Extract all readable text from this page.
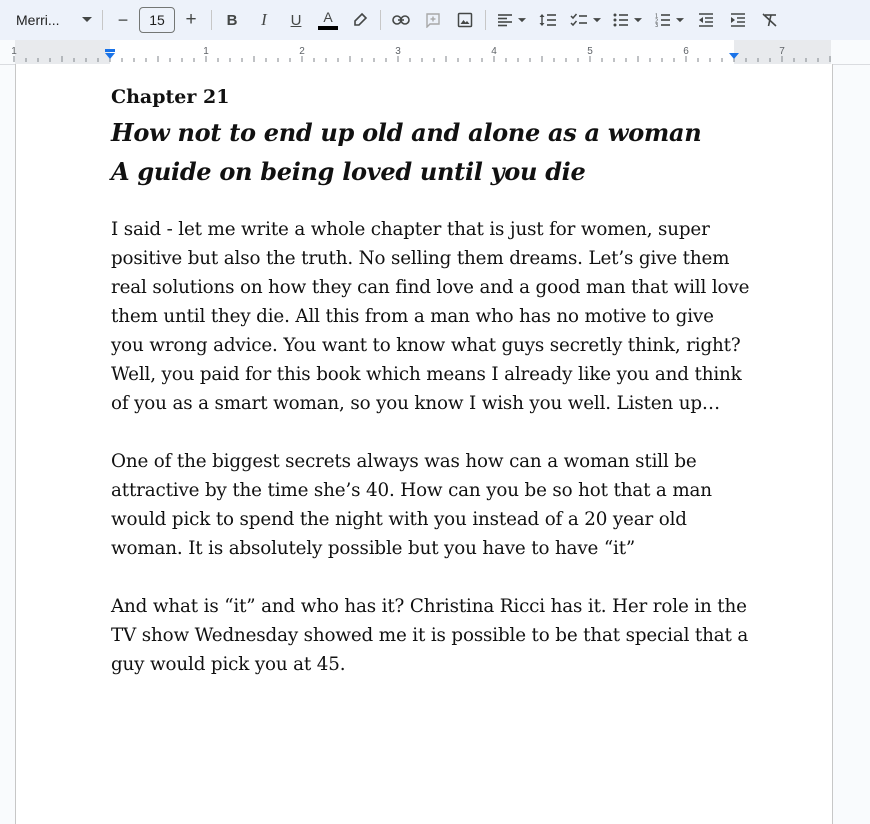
Merri...	−	15	+ B I U A	1
2
3
1	1	2	3	4	5	6	7

Chapter 21

How not to end up old and alone as a woman

A guide on being loved until you die

I said - let me write a whole chapter that is just for women, super positive but also the truth. No selling them dreams. Let’s give them real solutions on how they can find love and a good man that will love them until they die. All this from a man who has no motive to give you wrong advice. You want to know what guys secretly think, right? Well, you paid for this book which means I already like you and think of you as a smart woman, so you know I wish you well. Listen up…

One of the biggest secrets always was how can a woman still be attractive by the time she’s 40. How can you be so hot that a man would pick to spend the night with you instead of a 20 year old woman. It is absolutely possible but you have to have “it”

And what is “it” and who has it? Christina Ricci has it. Her role in the TV show Wednesday showed me it is possible to be that special that a guy would pick you at 45.
